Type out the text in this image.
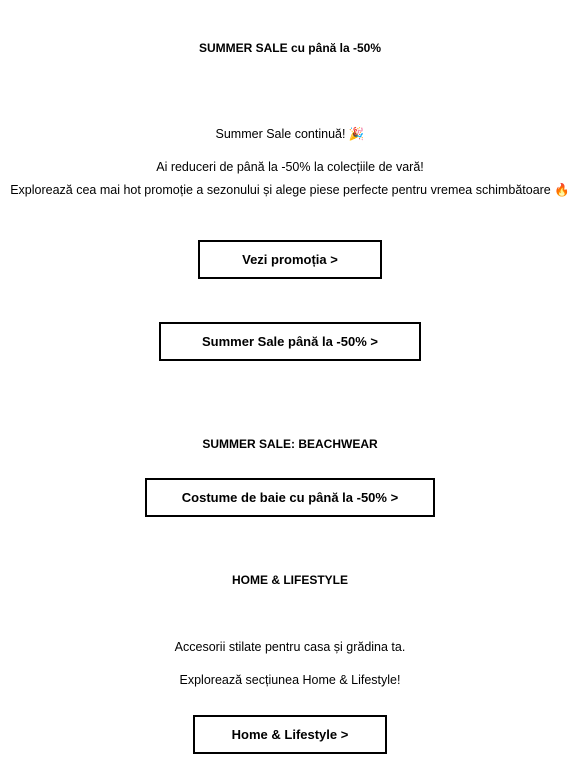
SUMMER SALE cu până la -50%
Summer Sale continuă! 🎉
Ai reduceri de până la -50% la colecțiile de vară!
Explorează cea mai hot promoție a sezonului și alege piese perfecte pentru vremea schimbătoare 🔥
Vezi promoția >
Summer Sale până la -50% >
SUMMER SALE: BEACHWEAR
Costume de baie cu până la -50% >
HOME & LIFESTYLE
Accesorii stilate pentru casa și grădina ta.
Explorează secțiunea Home & Lifestyle!
Home & Lifestyle >
